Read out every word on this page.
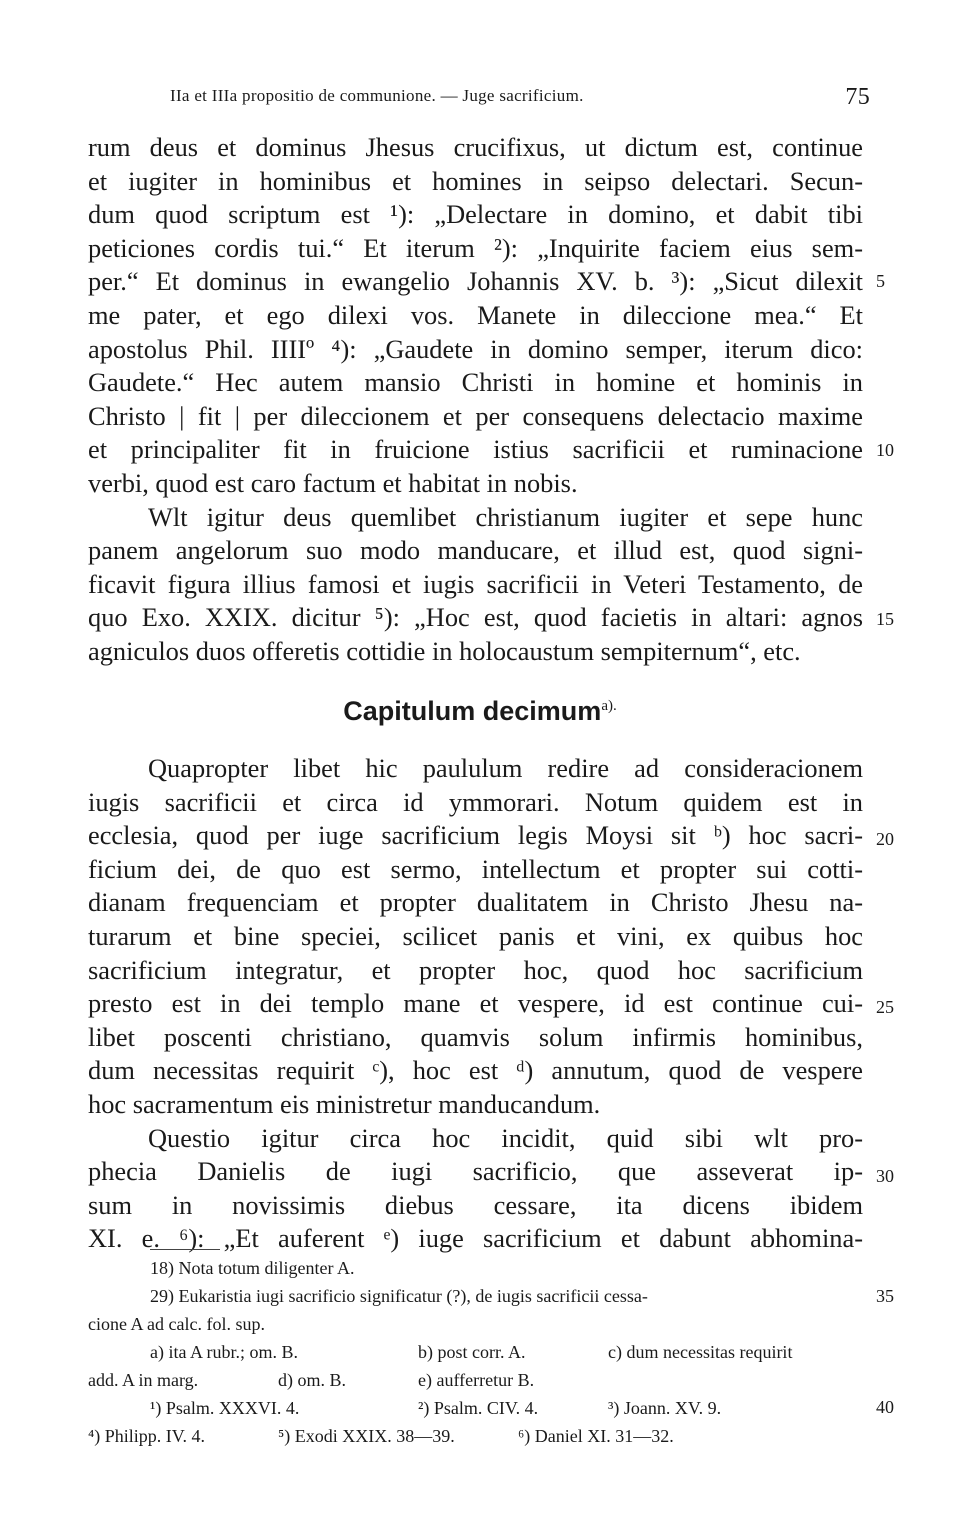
IIa et IIIa propositio de communione. — Juge sacrificium.	75
rum deus et dominus Jhesus crucifixus, ut dictum est, continue
et iugiter in hominibus et homines in seipso delectari. Secun-
dum quod scriptum est ¹): „Delectare in domino, et dabit tibi
peticiones cordis tui.“ Et iterum ²): „Inquirite faciem eius sem-
per.“ Et dominus in ewangelio Johannis XV. b. ³): „Sicut dilexit
me pater, et ego dilexi vos. Manete in dileccione mea.“ Et
apostolus Phil. IIIIº ⁴): „Gaudete in domino semper, iterum dico:
Gaudete.“ Hec autem mansio Christi in homine et hominis in
Christo | fit | per dileccionem et per consequens delectacio maxime
et principaliter fit in fruicione istius sacrificii et ruminacione
verbi, quod est caro factum et habitat in nobis.
Wlt igitur deus quemlibet christianum iugiter et sepe hunc
panem angelorum suo modo manducare, et illud est, quod signi-
ficavit figura illius famosi et iugis sacrificii in Veteri Testamento, de
quo Exo. XXIX. dicitur ⁵): „Hoc est, quod facietis in altari: agnos
agniculos duos offeretis cottidie in holocaustum sempiternum“, etc.
Capitulum decimum$^{a).}$
Quapropter libet hic paululum redire ad consideracionem
iugis sacrificii et circa id ymmorari. Notum quidem est in
ecclesia, quod per iuge sacrificium legis Moysi sit ᵇ) hoc sacri-
ficium dei, de quo est sermo, intellectum et propter sui cotti-
dianam frequenciam et propter dualitatem in Christo Jhesu na-
turarum et bine speciei, scilicet panis et vini, ex quibus hoc
sacrificium integratur, et propter hoc, quod hoc sacrificium
presto est in dei templo mane et vespere, id est continue cui-
libet poscenti christiano, quamvis solum infirmis hominibus,
dum necessitas requirit ᶜ), hoc est ᵈ) annutum, quod de vespere
hoc sacramentum eis ministretur manducandum.
Questio igitur circa hoc incidit, quid sibi wlt pro-
phecia Danielis de iugi sacrificio, que asseverat ip-
sum in novissimis diebus cessare, ita dicens ibidem
XI. e. ⁶): „Et auferent ᵉ) iuge sacrificium et dabunt abhomina-
5
10
15
20
25
30
35
40
18) Nota totum diligenter A.
29) Eukaristia iugi sacrificio significatur (?), de iugis sacrificii cessa-
cione A ad calc. fol. sup.
a) ita A rubr.; om. B.	b) post corr. A.	c) dum necessitas requirit
add. A in marg.	d) om. B.	e) aufferretur B.
¹) Psalm. XXXVI. 4.	²) Psalm. CIV. 4.	³) Joann. XV. 9.
⁴) Philipp. IV. 4.	⁵) Exodi XXIX. 38—39.	⁶) Daniel XI. 31—32.
